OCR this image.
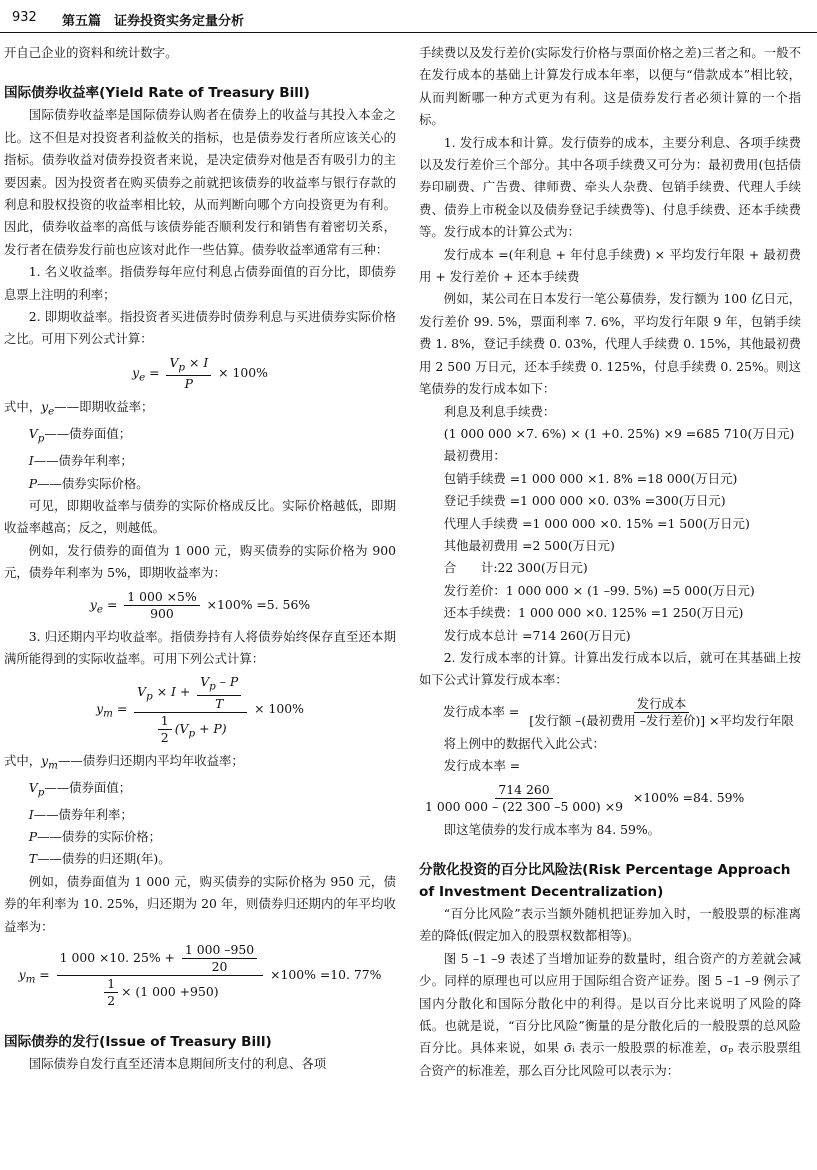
932 第五篇　证券投资实务定量分析

开自己企业的资料和统计数字。

国际债券收益率(Yield Rate of Treasury Bill)

国际债券收益率是国际债券认购者在债券上的收益与其投入本金之比。这不但是对投资者利益攸关的指标，也是债券发行者所应该关心的指标。债券收益对债券投资者来说，是决定债券对他是否有吸引力的主要因素。因为投资者在购买债券之前就把该债券的收益率与银行存款的利息和股权投资的收益率相比较，从而判断向哪个方向投资更为有利。因此，债券收益率的高低与该债券能否顺利发行和销售有着密切关系，发行者在债券发行前也应该对此作一些估算。债券收益率通常有三种：

1. 名义收益率。指债券每年应付利息占债券面值的百分比，即债券息票上注明的利率；

2. 即期收益率。指投资者买进债券时债券利息与买进债券实际价格之比。可用下列公式计算：

$y_e = \frac{V_p \times I}{P} \times 100\%$

式中，$y_e——$即期收益率；

$V_p——$债券面值；

I——债券年利率；

P——债券实际价格。

可见，即期收益率与债券的实际价格成反比。实际价格越低，即期收益率越高；反之，则越低。

例如，发行债券的面值为 1 000 元，购买债券的实际价格为 900 元，债券年利率为 5%，即期收益率为：

$y_e = \frac{1 000 \times 5\%}{900} \times 100\% =5$. 56%

3. 归还期内平均收益率。指债券持有人将债券始终保存直至还本期满所能得到的实际收益率。可用下列公式计算：

$y_m = \frac{V_p \times I + \frac{V_p - P}{T}}{\frac{1}{2} (V_p + P)} \times 100\%$

式中，$y_m——$债券归还期内平均年收益率；

$V_p——$债券面值；

I——债券年利率；

P——债券的实际价格；

T——债券的归还期(年)。

例如，债券面值为 1 000 元，购买债券的实际价格为 950 元，债券的年利率为 10. 25%，归还期为 20 年，则债券归还期内的年平均收益率为：

$y_m = \frac{1 000 \times 10. 25\% + \frac{1 000 -950}{20}}{\frac{1}{2} \times (1 000 +950)} \times 100\% =10$. 77%
国际债券的发行(Issue of Treasury Bill)

国际债券自发行直至还清本息期间所支付的利息、各项

手续费以及发行差价(实际发行价格与票面价格之差)三者之和。一般不在发行成本的基础上计算发行成本年率，以便与“借款成本”相比较，从而判断哪一种方式更为有利。这是债券发行者必须计算的一个指标。

1. 发行成本和计算。发行债券的成本，主要分利息、各项手续费以及发行差价三个部分。其中各项手续费又可分为：最初费用(包括债券印刷费、广告费、律师费、牵头人杂费、包销手续费、代理人手续费、债券上市税金以及债券登记手续费等)、付息手续费、还本手续费等。发行成本的计算公式为：

发行成本 =(年利息 + 年付息手续费) × 平均发行年限 + 最初费用 + 发行差价 + 还本手续费

例如，某公司在日本发行一笔公募债券，发行额为 100 亿日元，发行差价 99. 5%，票面利率 7. 6%，平均发行年限 9 年，包销手续费 1. 8%，登记手续费 0. 03%，代理人手续费 0. 15%，其他最初费用 2 500 万日元，还本手续费 0. 125%，付息手续费 0. 25%。则这笔债券的发行成本如下：

利息及利息手续费：

(1 000 000 ×7. 6%) × (1 +0. 25%) ×9 =685 710(万日元)

最初费用：

包销手续费 =1 000 000 ×1. 8% =18 000(万日元)

登记手续费 =1 000 000 ×0. 03% =300(万日元)

代理人手续费 =1 000 000 ×0. 15% =1 500(万日元)

其他最初费用 =2 500(万日元)

合　　计:22 300(万日元)

发行差价：1 000 000 × (1 –99. 5%) =5 000(万日元)

还本手续费：1 000 000 ×0. 125% =1 250(万日元)

发行成本总计 =714 260(万日元)

2. 发行成本率的计算。计算出发行成本以后，就可在其基础上按如下公式计算发行成本率：

发行成本率 =
发行成本
[发行额 –(最初费用 –发行差价)] ×平均发行年限

将上例中的数据代入此公式：

发行成本率 =

$\frac{714 260}{1 000 000 - (22 300 -5 000) \times 9} \times 100\% =84$. 59%

即这笔债券的发行成本率为 84. 59%。

分散化投资的百分比风险法(Risk Percentage Approach of Investment Decentralization)

“百分比风险”表示当额外随机把证券加入时，一般股票的标准离差的降低(假定加入的股票权数都相等)。

图 5 –1 –9 表述了当增加证券的数量时，组合资产的方差就会减少。同样的原理也可以应用于国际组合资产证券。图 5 –1 –9 例示了国内分散化和国际分散化中的利得。是以百分比来说明了风险的降低。也就是说，“百分比风险”衡量的是分散化后的一般股票的总风险百分比。具体来说，如果 σ̄ᵢ 表示一般股票的标准差，σₚ 表示股票组合资产的标准差，那么百分比风险可以表示为：
